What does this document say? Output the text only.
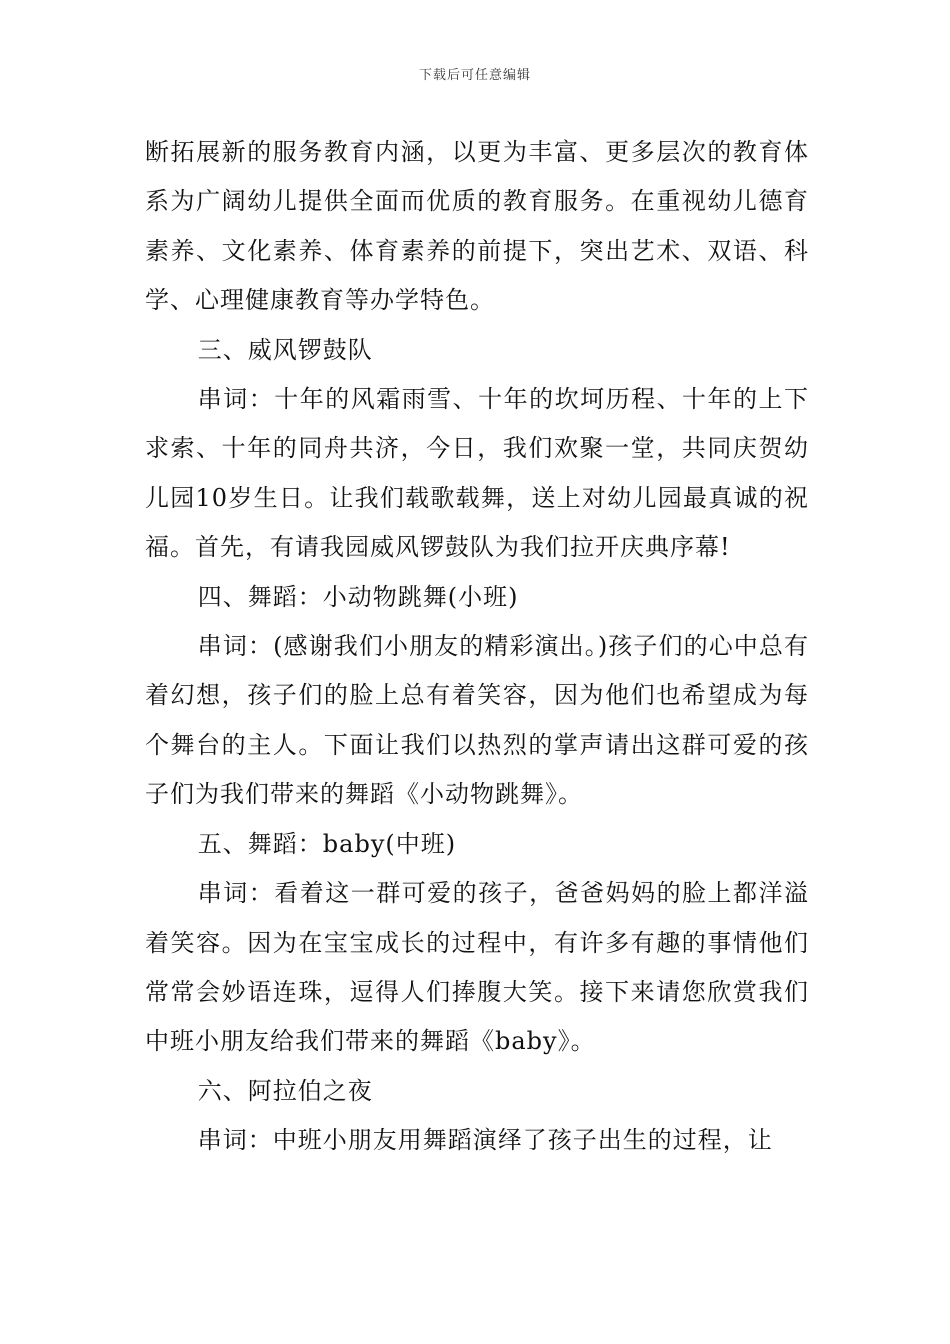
下载后可任意编辑

断拓展新的服务教育内涵，以更为丰富、更多层次的教育体系为广阔幼儿提供全面而优质的教育服务。在重视幼儿德育素养、文化素养、体育素养的前提下，突出艺术、双语、科学、心理健康教育等办学特色。

三、威风锣鼓队

串词：十年的风霜雨雪、十年的坎坷历程、十年的上下求索、十年的同舟共济，今日，我们欢聚一堂，共同庆贺幼儿园10岁生日。让我们载歌载舞，送上对幼儿园最真诚的祝福。首先，有请我园威风锣鼓队为我们拉开庆典序幕!

四、舞蹈：小动物跳舞(小班)

串词：(感谢我们小朋友的精彩演出。)孩子们的心中总有着幻想，孩子们的脸上总有着笑容，因为他们也希望成为每个舞台的主人。下面让我们以热烈的掌声请出这群可爱的孩子们为我们带来的舞蹈《小动物跳舞》。

五、舞蹈：baby(中班)

串词：看着这一群可爱的孩子，爸爸妈妈的脸上都洋溢着笑容。因为在宝宝成长的过程中，有许多有趣的事情他们常常会妙语连珠，逗得人们捧腹大笑。接下来请您欣赏我们中班小朋友给我们带来的舞蹈《baby》。

六、阿拉伯之夜

串词：中班小朋友用舞蹈演绎了孩子出生的过程，让
